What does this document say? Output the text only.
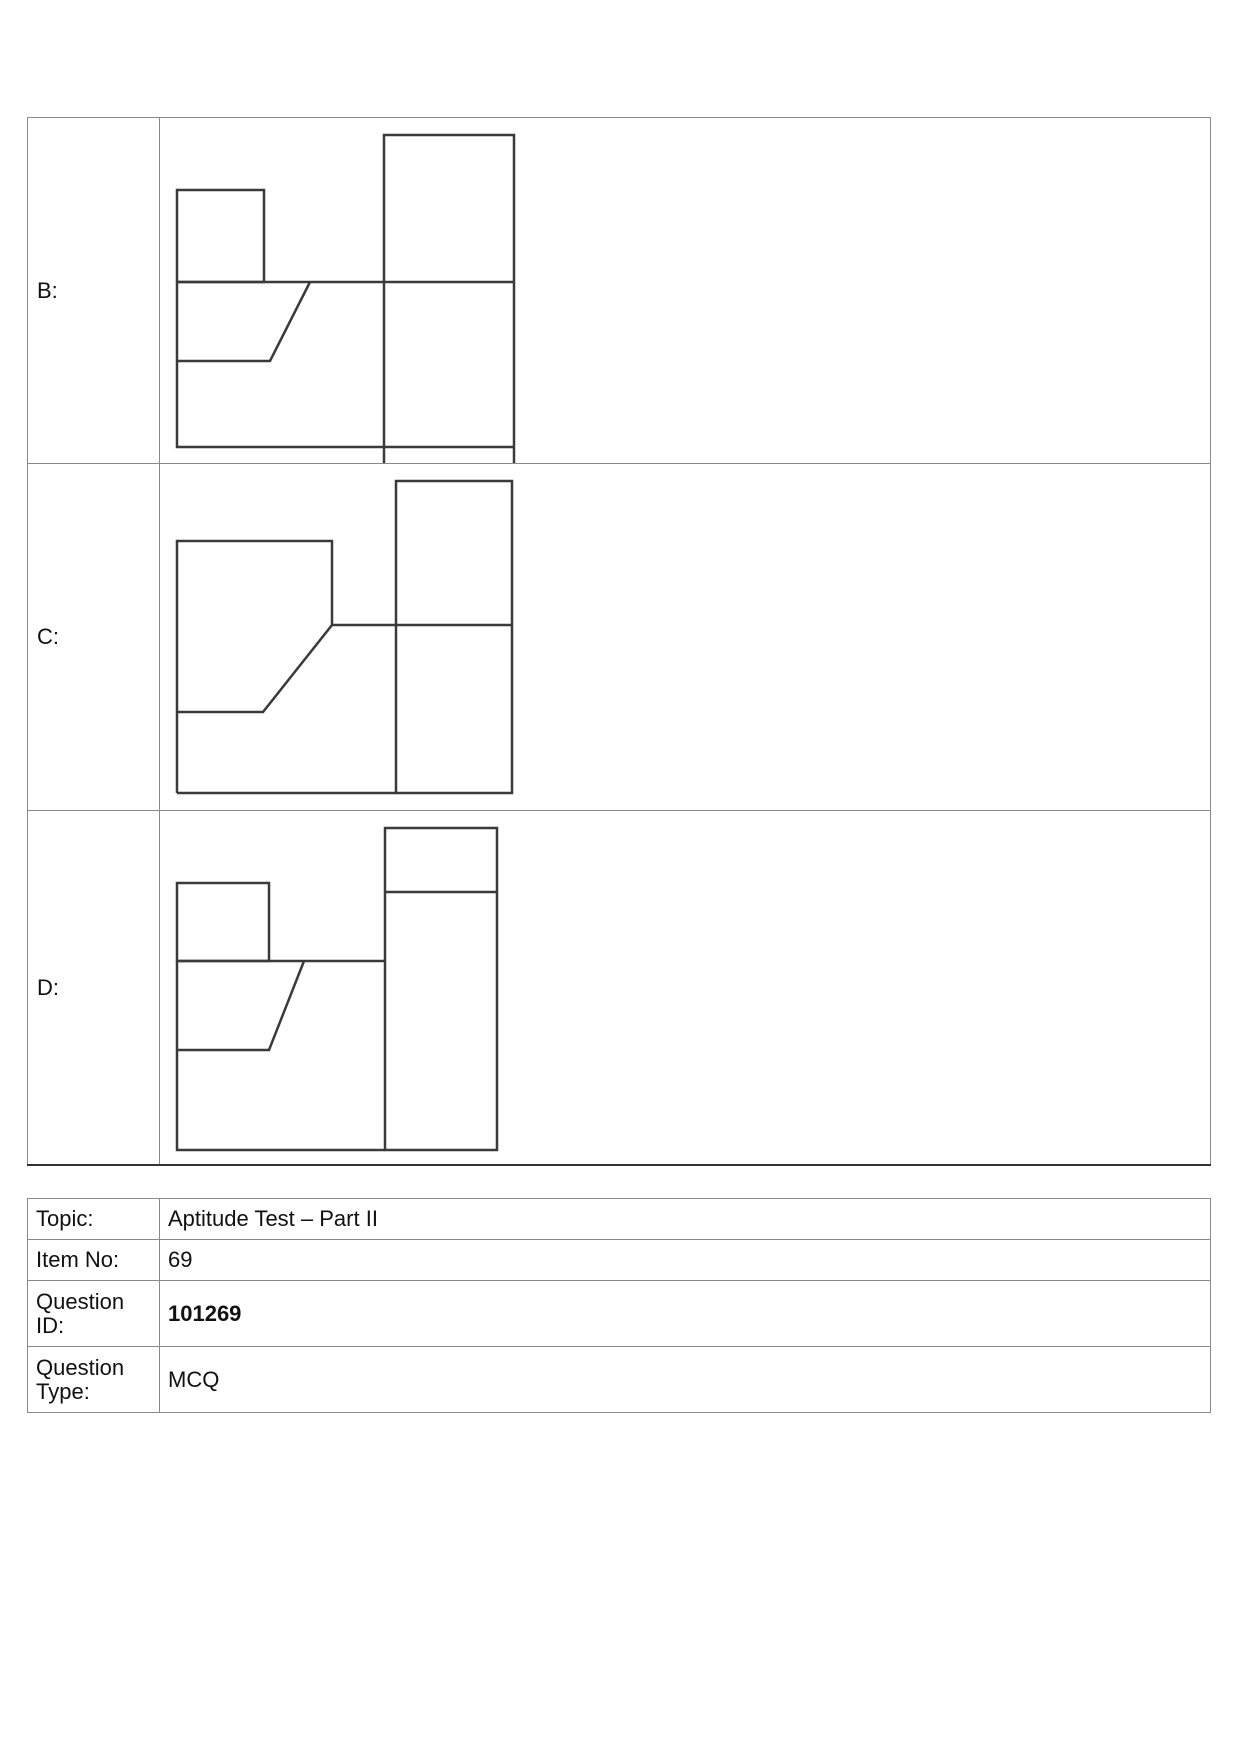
B:	

C:	

D:	
Topic:	Aptitude Test – Part II
Item No:	69
Question ID:	101269
Question Type:	MCQ
